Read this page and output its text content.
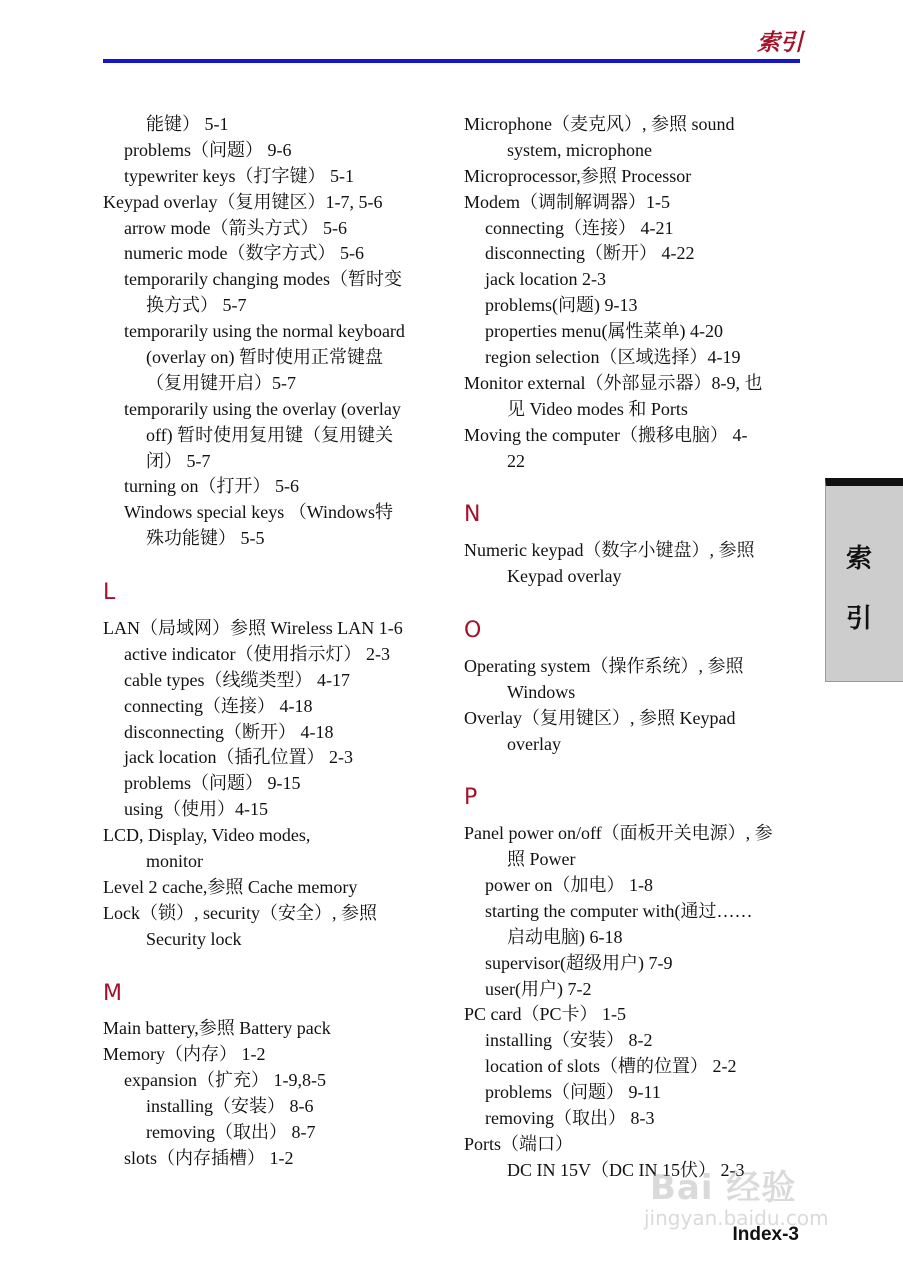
索引
能键） 5-1
problems（问题） 9-6
typewriter keys（打字键） 5-1
Keypad overlay（复用键区）1-7, 5-6
arrow mode（箭头方式） 5-6
numeric mode（数字方式） 5-6
temporarily changing modes（暂时变
换方式） 5-7
temporarily using the normal keyboard
(overlay on) 暂时使用正常键盘
（复用键开启）5-7
temporarily using the overlay (overlay
off) 暂时使用复用键（复用键关
闭） 5-7
turning on（打开） 5-6
Windows special keys （Windows特
殊功能键） 5-5
L
LAN（局域网）参照 Wireless LAN 1-6
active indicator（使用指示灯） 2-3
cable types（线缆类型） 4-17
connecting（连接） 4-18
disconnecting（断开） 4-18
jack location（插孔位置） 2-3
problems（问题） 9-15
using（使用）4-15
LCD, Display, Video modes,
monitor
Level 2 cache,参照 Cache memory
Lock（锁）, security（安全）, 参照
Security lock
M
Main battery,参照 Battery pack
Memory（内存） 1-2
expansion（扩充） 1-9,8-5
installing（安装） 8-6
removing（取出） 8-7
slots（内存插槽） 1-2
Microphone（麦克风）, 参照 sound
system, microphone
Microprocessor,参照 Processor
Modem（调制解调器）1-5
connecting（连接） 4-21
disconnecting（断开） 4-22
jack location 2-3
problems(问题) 9-13
properties menu(属性菜单) 4-20
region selection（区域选择）4-19
Monitor external（外部显示器）8-9, 也
见 Video modes 和 Ports
Moving the computer（搬移电脑） 4-
22
N
Numeric keypad（数字小键盘）, 参照
Keypad overlay
O
Operating system（操作系统）, 参照
Windows
Overlay（复用键区）, 参照 Keypad
overlay
P
Panel power on/off（面板开关电源）, 参
照 Power
power on（加电） 1-8
starting the computer with(通过……
启动电脑) 6-18
supervisor(超级用户) 7-9
user(用户) 7-2
PC card（PC卡） 1-5
installing（安装） 8-2
location of slots（槽的位置） 2-2
problems（问题） 9-11
removing（取出） 8-3
Ports（端口）
DC IN 15V（DC IN 15伏） 2-3
索
引
Index-3
Bai 经验
jingyan.baidu.com
